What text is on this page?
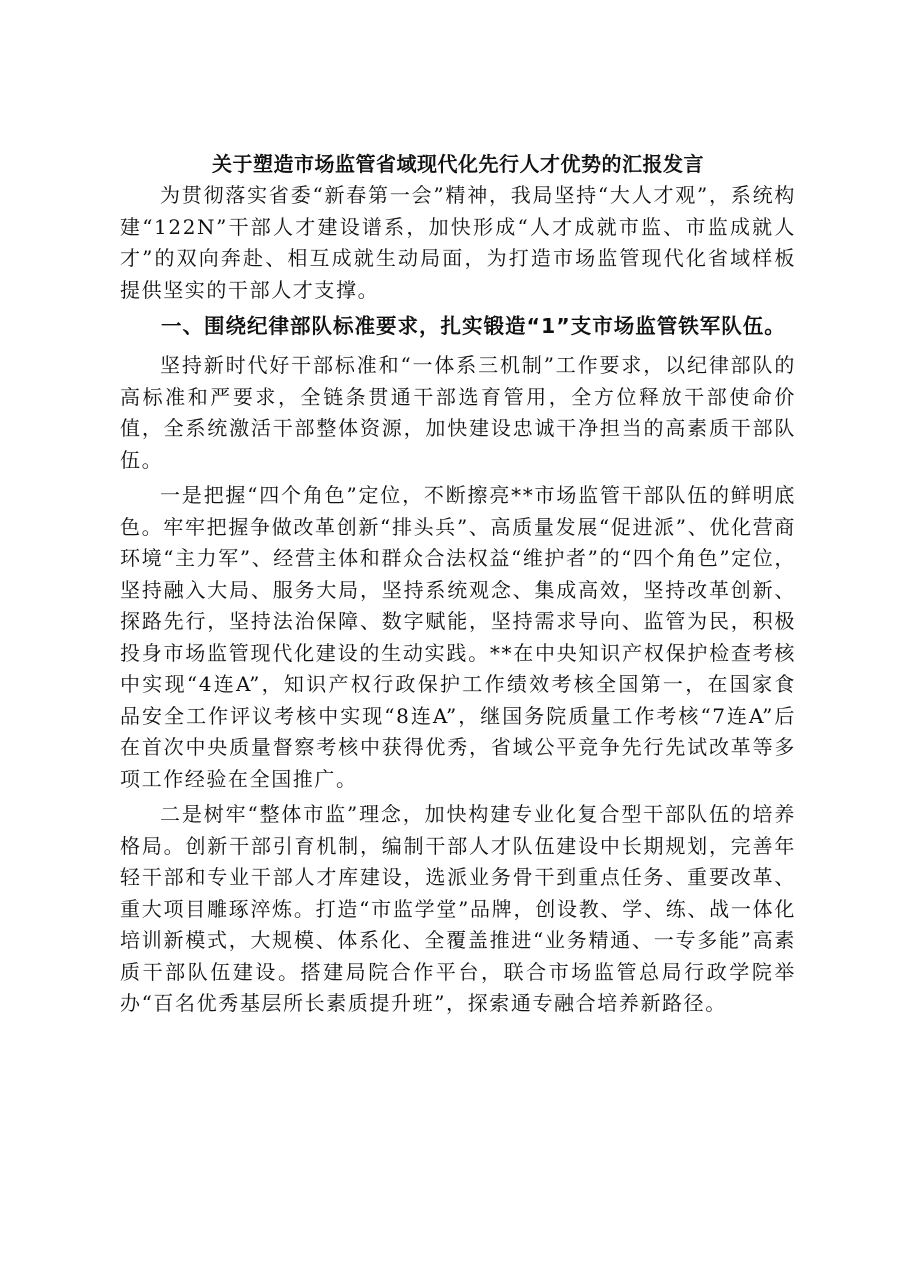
关于塑造市场监管省域现代化先行人才优势的汇报发言

为贯彻落实省委“新春第一会”精神，我局坚持“大人才观”，系统构建“122N”干部人才建设谱系，加快形成“人才成就市监、市监成就人才”的双向奔赴、相互成就生动局面，为打造市场监管现代化省域样板提供坚实的干部人才支撑。

一、围绕纪律部队标准要求，扎实锻造“1”支市场监管铁军队伍。

坚持新时代好干部标准和“一体系三机制”工作要求，以纪律部队的高标准和严要求，全链条贯通干部选育管用，全方位释放干部使命价值，全系统激活干部整体资源，加快建设忠诚干净担当的高素质干部队伍。

一是把握“四个角色”定位，不断擦亮**市场监管干部队伍的鲜明底色。牢牢把握争做改革创新“排头兵”、高质量发展“促进派”、优化营商环境“主力军”、经营主体和群众合法权益“维护者”的“四个角色”定位，坚持融入大局、服务大局，坚持系统观念、集成高效，坚持改革创新、探路先行，坚持法治保障、数字赋能，坚持需求导向、监管为民，积极投身市场监管现代化建设的生动实践。**在中央知识产权保护检查考核中实现“4连A”，知识产权行政保护工作绩效考核全国第一，在国家食品安全工作评议考核中实现“8连A”，继国务院质量工作考核“7连A”后在首次中央质量督察考核中获得优秀，省域公平竞争先行先试改革等多项工作经验在全国推广。

二是树牢“整体市监”理念，加快构建专业化复合型干部队伍的培养格局。创新干部引育机制，编制干部人才队伍建设中长期规划，完善年轻干部和专业干部人才库建设，选派业务骨干到重点任务、重要改革、重大项目雕琢淬炼。打造“市监学堂”品牌，创设教、学、练、战一体化培训新模式，大规模、体系化、全覆盖推进“业务精通、一专多能”高素质干部队伍建设。搭建局院合作平台，联合市场监管总局行政学院举办“百名优秀基层所长素质提升班”，探索通专融合培养新路径。
